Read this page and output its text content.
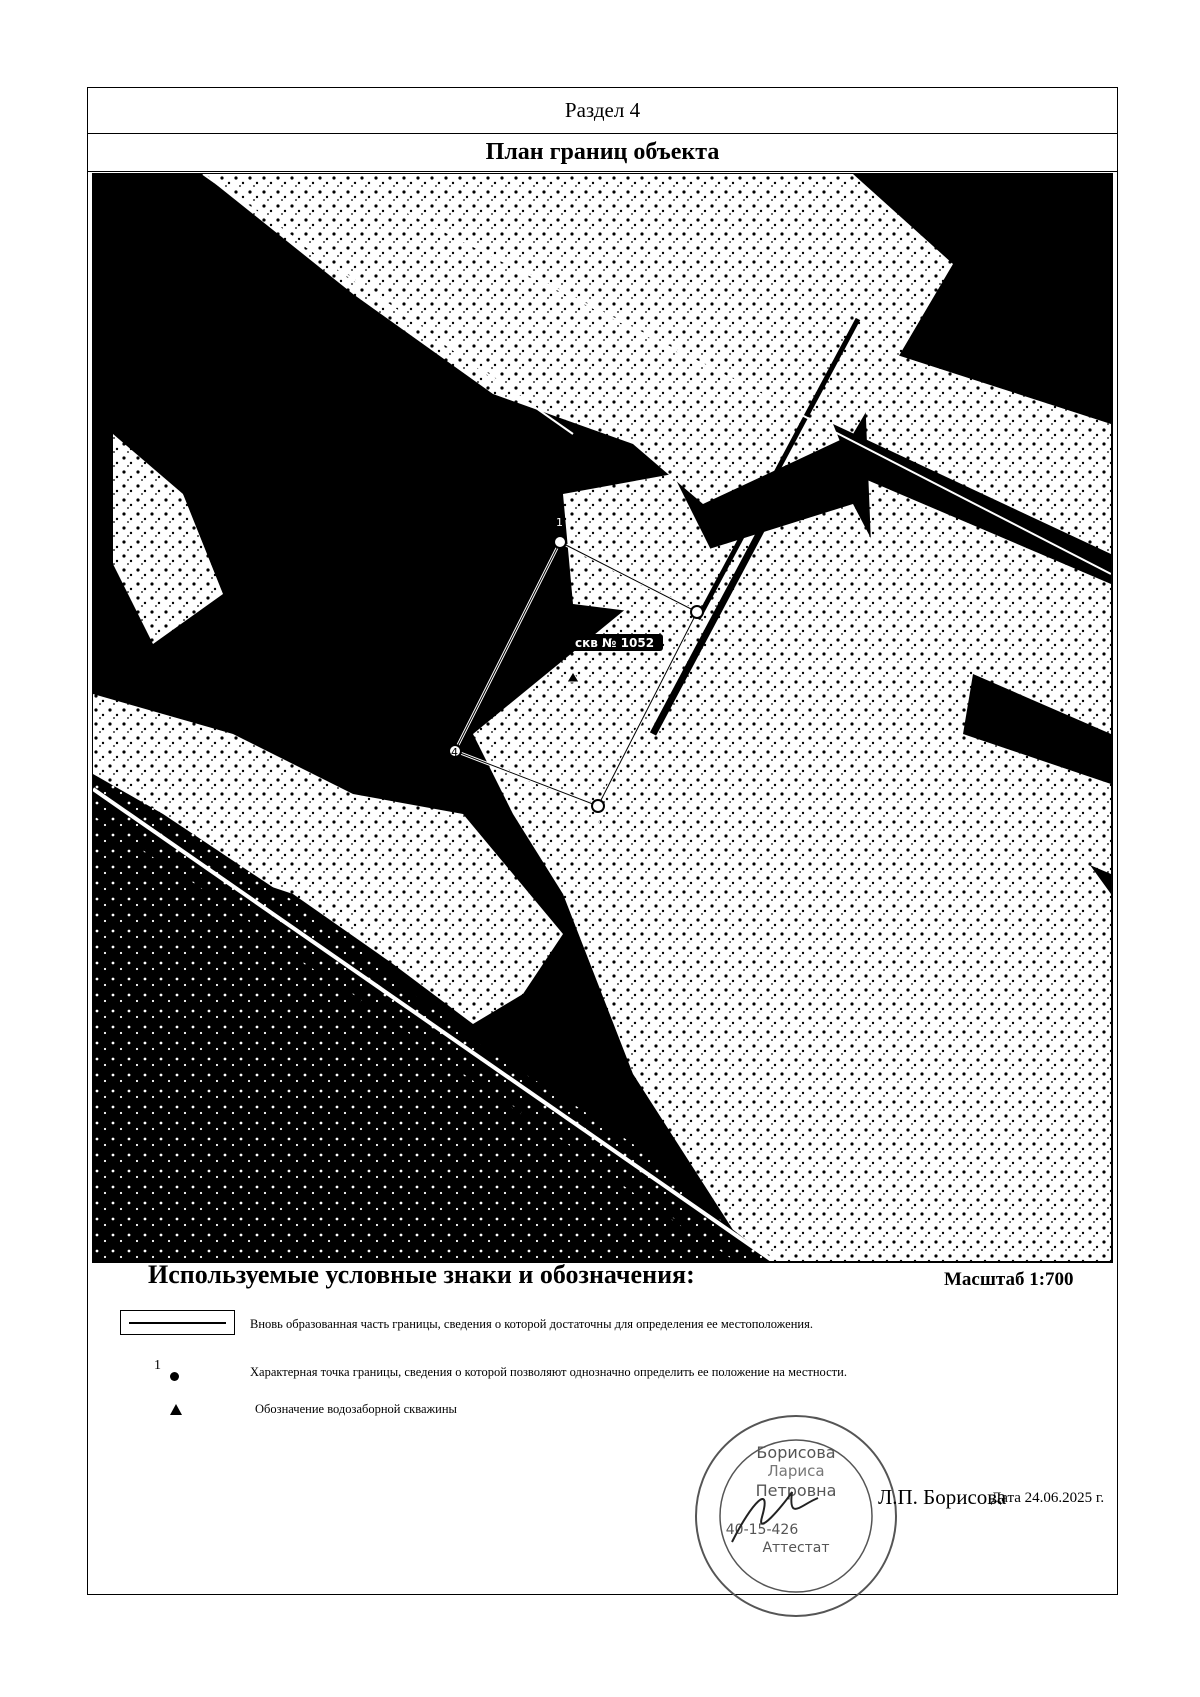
Раздел 4
План границ объекта
1
2
3
4
скв № 1052
Используемые условные знаки и обозначения:	Масштаб 1:700
Вновь образованная часть границы, сведения о которой достаточны для определения ее местоположения.
1	Характерная точка границы, сведения о которой позволяют однозначно определить ее положение на местности.
Обозначение водозаборной скважины
Борисова
Лариса
Петровна
40-15-426
Аттестат
Л.П. Борисова
Дата 24.06.2025 г.
